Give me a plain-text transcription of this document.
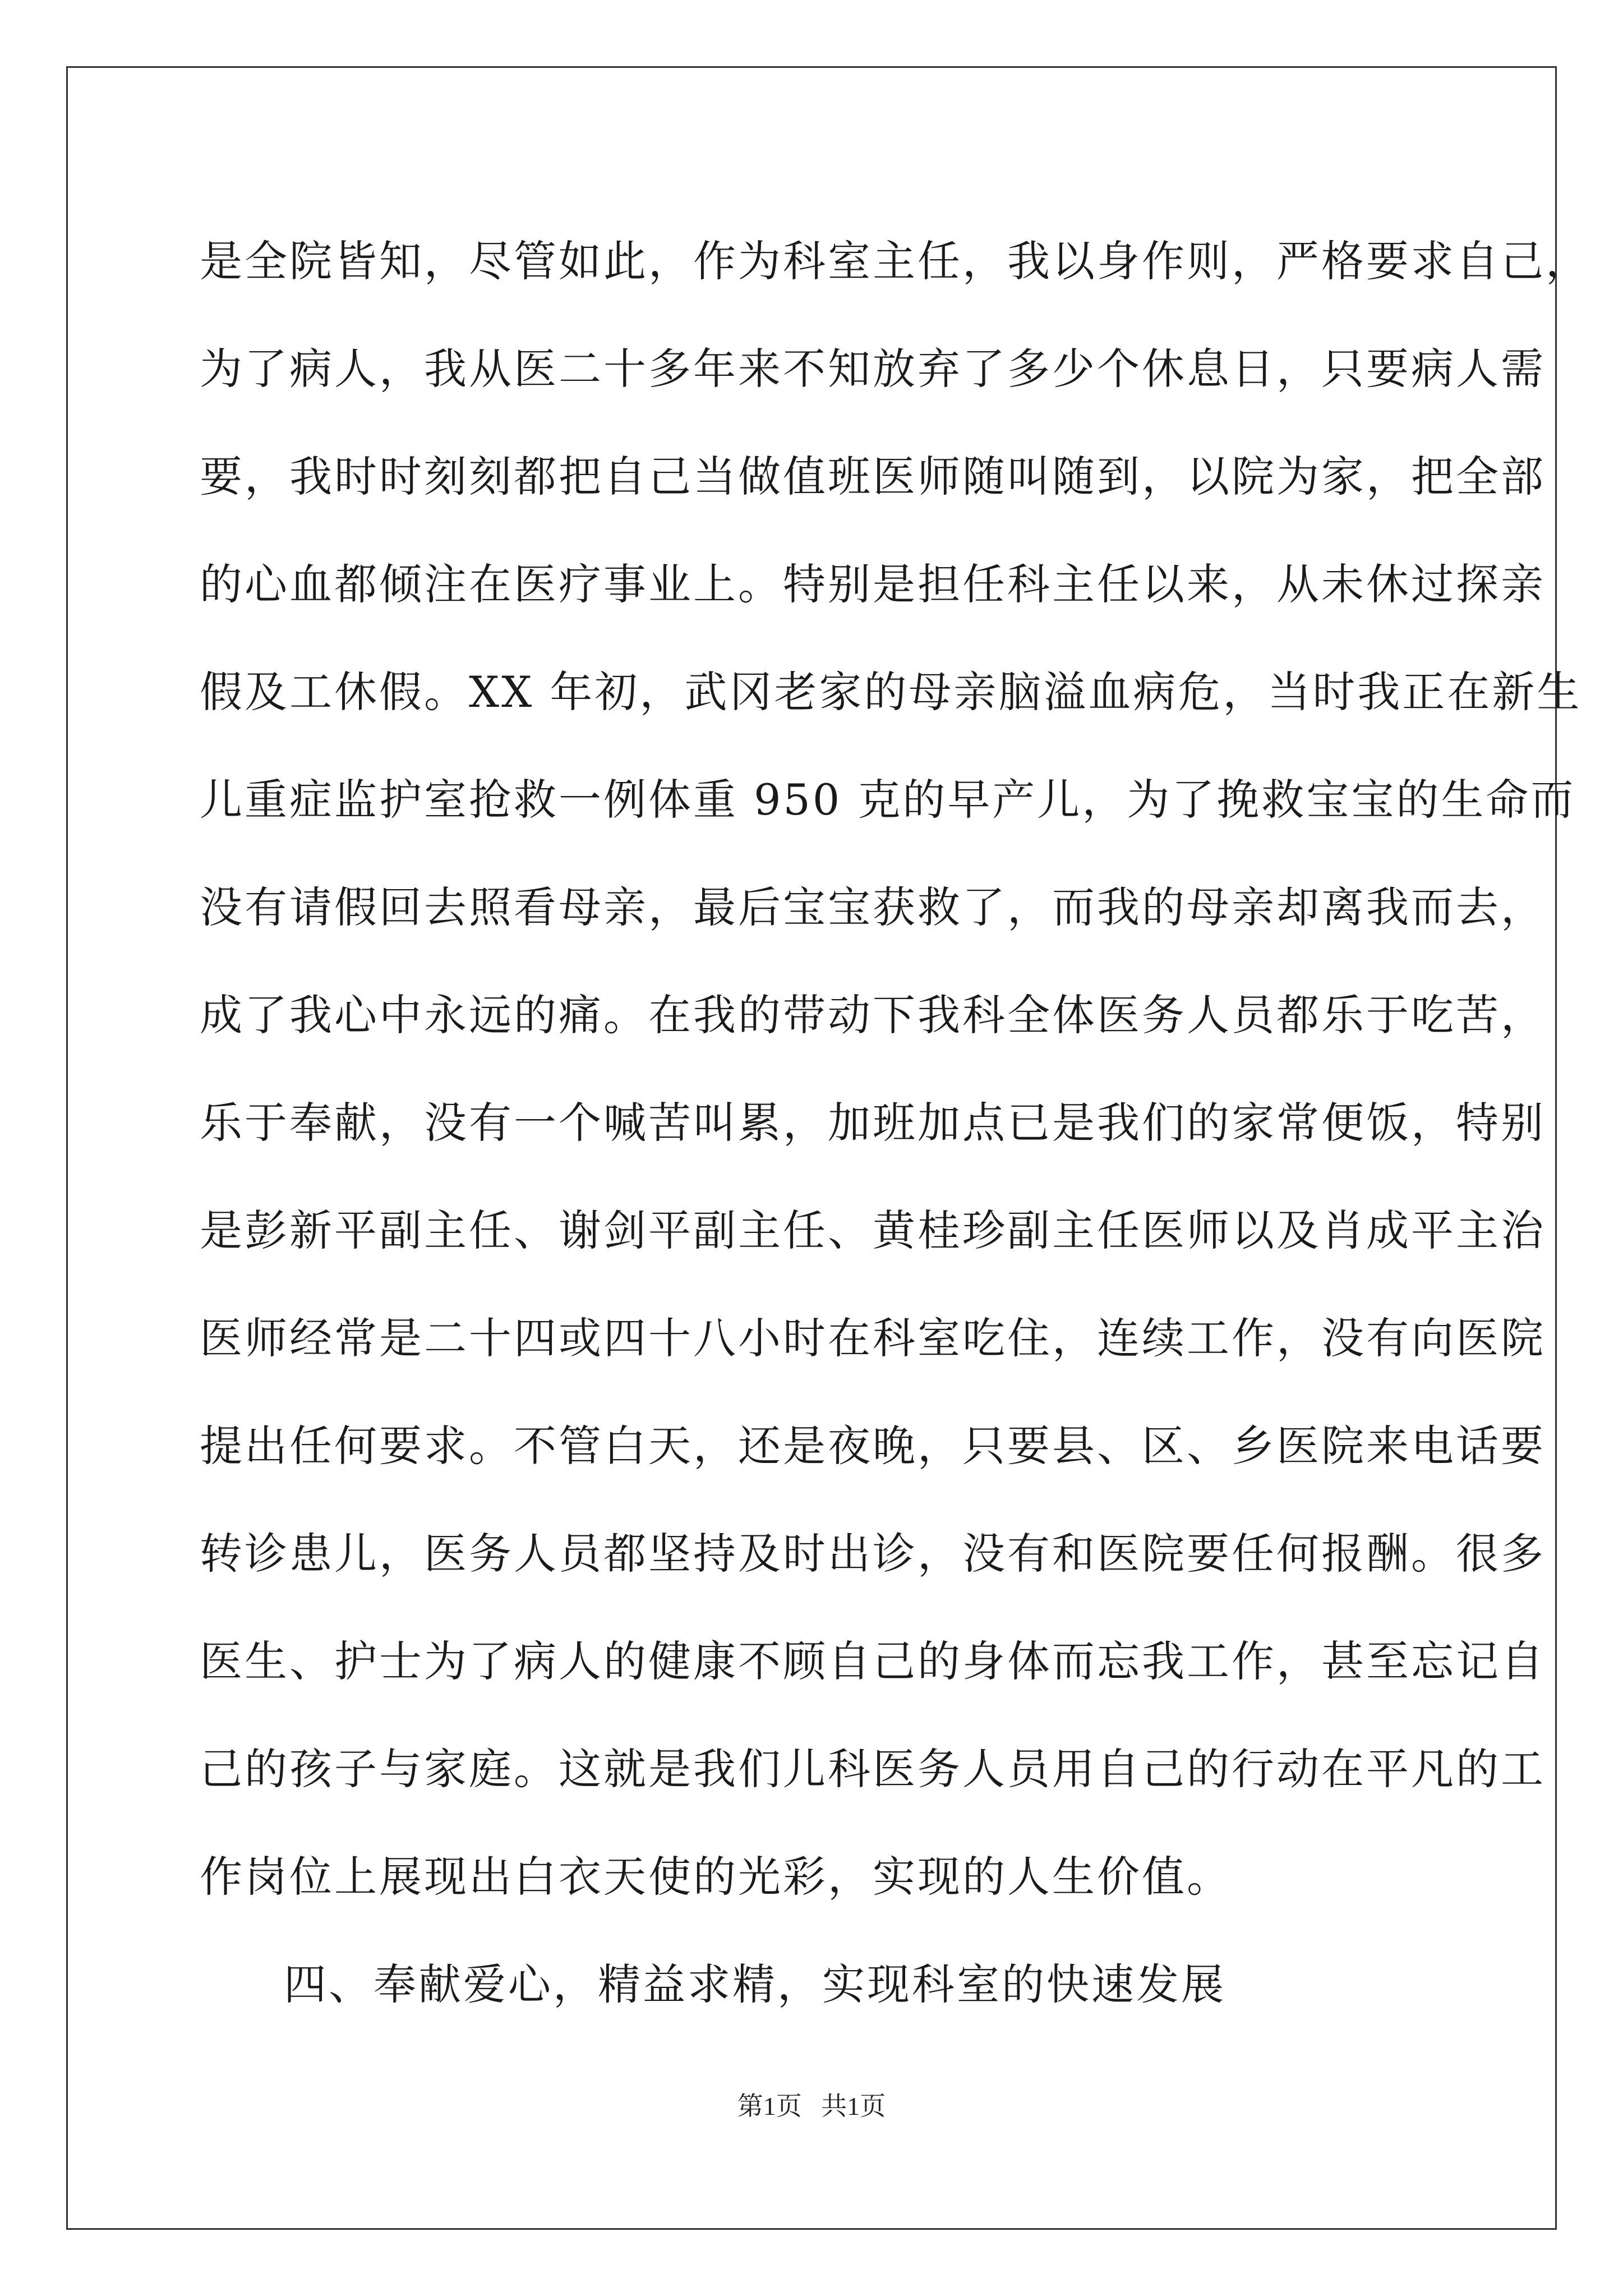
是全院皆知，尽管如此，作为科室主任，我以身作则，严格要求自己，
为了病人，我从医二十多年来不知放弃了多少个休息日，只要病人需
要，我时时刻刻都把自己当做值班医师随叫随到，以院为家，把全部
的心血都倾注在医疗事业上。特别是担任科主任以来，从未休过探亲
假及工休假。XX 年初，武冈老家的母亲脑溢血病危，当时我正在新生
儿重症监护室抢救一例体重 950 克的早产儿，为了挽救宝宝的生命而
没有请假回去照看母亲，最后宝宝获救了，而我的母亲却离我而去，
成了我心中永远的痛。在我的带动下我科全体医务人员都乐于吃苦，
乐于奉献，没有一个喊苦叫累，加班加点已是我们的家常便饭，特别
是彭新平副主任、谢剑平副主任、黄桂珍副主任医师以及肖成平主治
医师经常是二十四或四十八小时在科室吃住，连续工作，没有向医院
提出任何要求。不管白天，还是夜晚，只要县、区、乡医院来电话要
转诊患儿，医务人员都坚持及时出诊，没有和医院要任何报酬。很多
医生、护士为了病人的健康不顾自己的身体而忘我工作，甚至忘记自
己的孩子与家庭。这就是我们儿科医务人员用自己的行动在平凡的工
作岗位上展现出白衣天使的光彩，实现的人生价值。
四、奉献爱心，精益求精，实现科室的快速发展
第1页   共1页
